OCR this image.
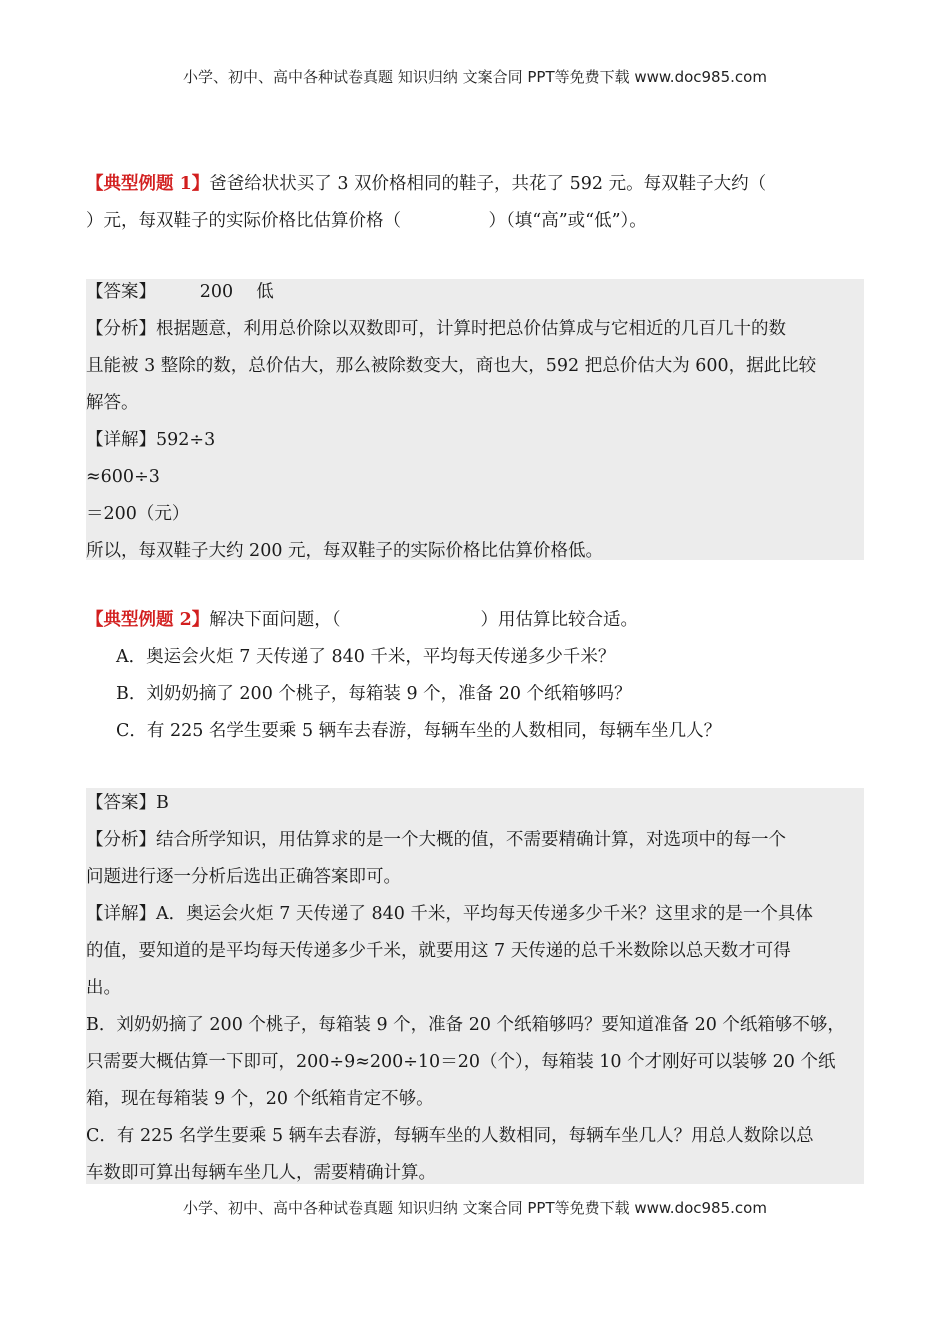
小学、初中、高中各种试卷真题 知识归纳 文案合同 PPT等免费下载 www.doc985.com
【典型例题 1】爸爸给状状买了 3 双价格相同的鞋子，共花了 592 元。每双鞋子大约（
）元，每双鞋子的实际价格比估算价格（　　　　　）（填“高”或“低”）。
【答案】　　　200　 低
【分析】根据题意，利用总价除以双数即可，计算时把总价估算成与它相近的几百几十的数
且能被 3 整除的数，总价估大，那么被除数变大，商也大，592 把总价估大为 600，据此比较
解答。
【详解】592÷3
≈600÷3
＝200（元）
所以，每双鞋子大约 200 元，每双鞋子的实际价格比估算价格低。
【典型例题 2】解决下面问题，（　　　　　　　　）用估算比较合适。
A．奥运会火炬 7 天传递了 840 千米，平均每天传递多少千米？
B．刘奶奶摘了 200 个桃子，每箱装 9 个，准备 20 个纸箱够吗？
C．有 225 名学生要乘 5 辆车去春游，每辆车坐的人数相同，每辆车坐几人？
【答案】B
【分析】结合所学知识，用估算求的是一个大概的值，不需要精确计算，对选项中的每一个
问题进行逐一分析后选出正确答案即可。
【详解】A．奥运会火炬 7 天传递了 840 千米，平均每天传递多少千米？这里求的是一个具体
的值，要知道的是平均每天传递多少千米，就要用这 7 天传递的总千米数除以总天数才可得
出。
B．刘奶奶摘了 200 个桃子，每箱装 9 个，准备 20 个纸箱够吗？要知道准备 20 个纸箱够不够，
只需要大概估算一下即可，200÷9≈200÷10＝20（个），每箱装 10 个才刚好可以装够 20 个纸
箱，现在每箱装 9 个，20 个纸箱肯定不够。
C．有 225 名学生要乘 5 辆车去春游，每辆车坐的人数相同，每辆车坐几人？用总人数除以总
车数即可算出每辆车坐几人，需要精确计算。
小学、初中、高中各种试卷真题 知识归纳 文案合同 PPT等免费下载 www.doc985.com
